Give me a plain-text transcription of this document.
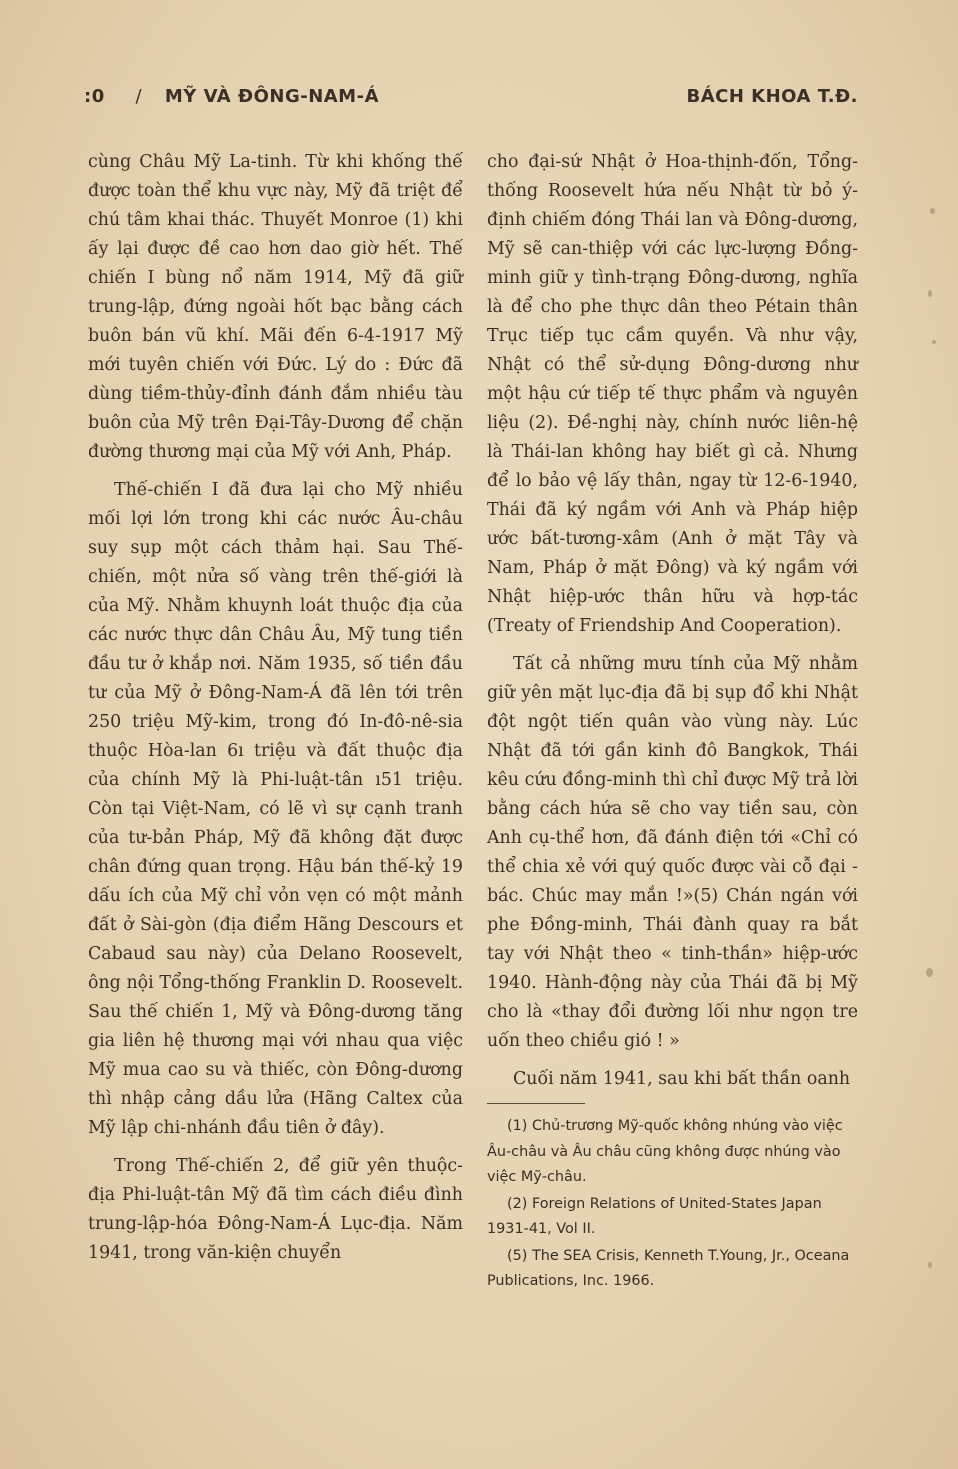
:0 / MỸ VÀ ĐÔNG-NAM-Á	BÁCH KHOA T.Đ.

cùng Châu Mỹ La-tinh. Từ khi khống thế được toàn thể khu vực này, Mỹ đã triệt để chú tâm khai thác. Thuyết Monroe (1) khi ấy lại được đề cao hơn dao giờ hết. Thế chiến I bùng nổ năm 1914, Mỹ đã giữ trung-lập, đứng ngoài hốt bạc bằng cách buôn bán vũ khí. Mãi đến 6-4-1917 Mỹ mới tuyên chiến với Đức. Lý do : Đức đã dùng tiềm-thủy-đỉnh đánh đắm nhiều tàu buôn của Mỹ trên Đại-Tây-Dương để chặn đường thương mại của Mỹ với Anh, Pháp.

Thế-chiến I đã đưa lại cho Mỹ nhiều mối lợi lớn trong khi các nước Âu-châu suy sụp một cách thảm hại. Sau Thế-chiến, một nửa số vàng trên thế-giới là của Mỹ. Nhằm khuynh loát thuộc địa của các nước thực dân Châu Âu, Mỹ tung tiền đầu tư ở khắp nơi. Năm 1935, số tiền đầu tư của Mỹ ở Đông-Nam-Á đã lên tới trên 250 triệu Mỹ-kim, trong đó In-đô-nê-sia thuộc Hòa-lan 6ı triệu và đất thuộc địa của chính Mỹ là Phi-luật-tân ı51 triệu. Còn tại Việt-Nam, có lẽ vì sự cạnh tranh của tư-bản Pháp, Mỹ đã không đặt được chân đứng quan trọng. Hậu bán thế-kỷ 19 dấu ích của Mỹ chỉ vỏn vẹn có một mảnh đất ở Sài-gòn (địa điểm Hãng Descours et Cabaud sau này) của Delano Roosevelt, ông nội Tổng-thống Franklin D. Roosevelt. Sau thế chiến 1, Mỹ và Đông-dương tăng gia liên hệ thương mại với nhau qua việc Mỹ mua cao su và thiếc, còn Đông-dương thì nhập cảng dầu lửa (Hãng Caltex của Mỹ lập chi-nhánh đầu tiên ở đây).

Trong Thế-chiến 2, để giữ yên thuộc-địa Phi-luật-tân Mỹ đã tìm cách điều đình trung-lập-hóa Đông-Nam-Á Lục-địa. Năm 1941, trong văn-kiện chuyển

cho đại-sứ Nhật ở Hoa-thịnh-đốn, Tổng-thống Roosevelt hứa nếu Nhật từ bỏ ý-định chiếm đóng Thái lan và Đông-dương, Mỹ sẽ can-thiệp với các lực-lượng Đồng-minh giữ y tình-trạng Đông-dương, nghĩa là để cho phe thực dân theo Pétain thân Trục tiếp tục cầm quyền. Và như vậy, Nhật có thể sử-dụng Đông-dương như một hậu cứ tiếp tế thực phẩm và nguyên liệu (2). Đề-nghị này, chính nước liên-hệ là Thái-lan không hay biết gì cả. Nhưng để lo bảo vệ lấy thân, ngay từ 12-6-1940, Thái đã ký ngầm với Anh và Pháp hiệp ước bất-tương-xâm (Anh ở mặt Tây và Nam, Pháp ở mặt Đông) và ký ngầm với Nhật hiệp-ước thân hữu và hợp-tác (Treaty of Friendship And Cooperation).

Tất cả những mưu tính của Mỹ nhằm giữ yên mặt lục-địa đã bị sụp đổ khi Nhật đột ngột tiến quân vào vùng này. Lúc Nhật đã tới gần kinh đô Bangkok, Thái kêu cứu đồng-minh thì chỉ được Mỹ trả lời bằng cách hứa sẽ cho vay tiền sau, còn Anh cụ-thể hơn, đã đánh điện tới «Chỉ có thể chia xẻ với quý quốc được vài cỗ đại - bác. Chúc may mắn !»(5) Chán ngán với phe Đồng-minh, Thái đành quay ra bắt tay với Nhật theo « tinh-thần» hiệp-ước 1940. Hành-động này của Thái đã bị Mỹ cho là «thay đổi đường lối như ngọn tre uốn theo chiều gió ! »

Cuối năm 1941, sau khi bất thần oanh

(1) Chủ-trương Mỹ-quốc không nhúng vào việc Âu-châu và Âu châu cũng không được nhúng vào việc Mỹ-châu.

(2) Foreign Relations of United-States Japan 1931-41, Vol II.

(5) The SEA Crisis, Kenneth T.Young, Jr., Oceana Publications, Inc. 1966.
